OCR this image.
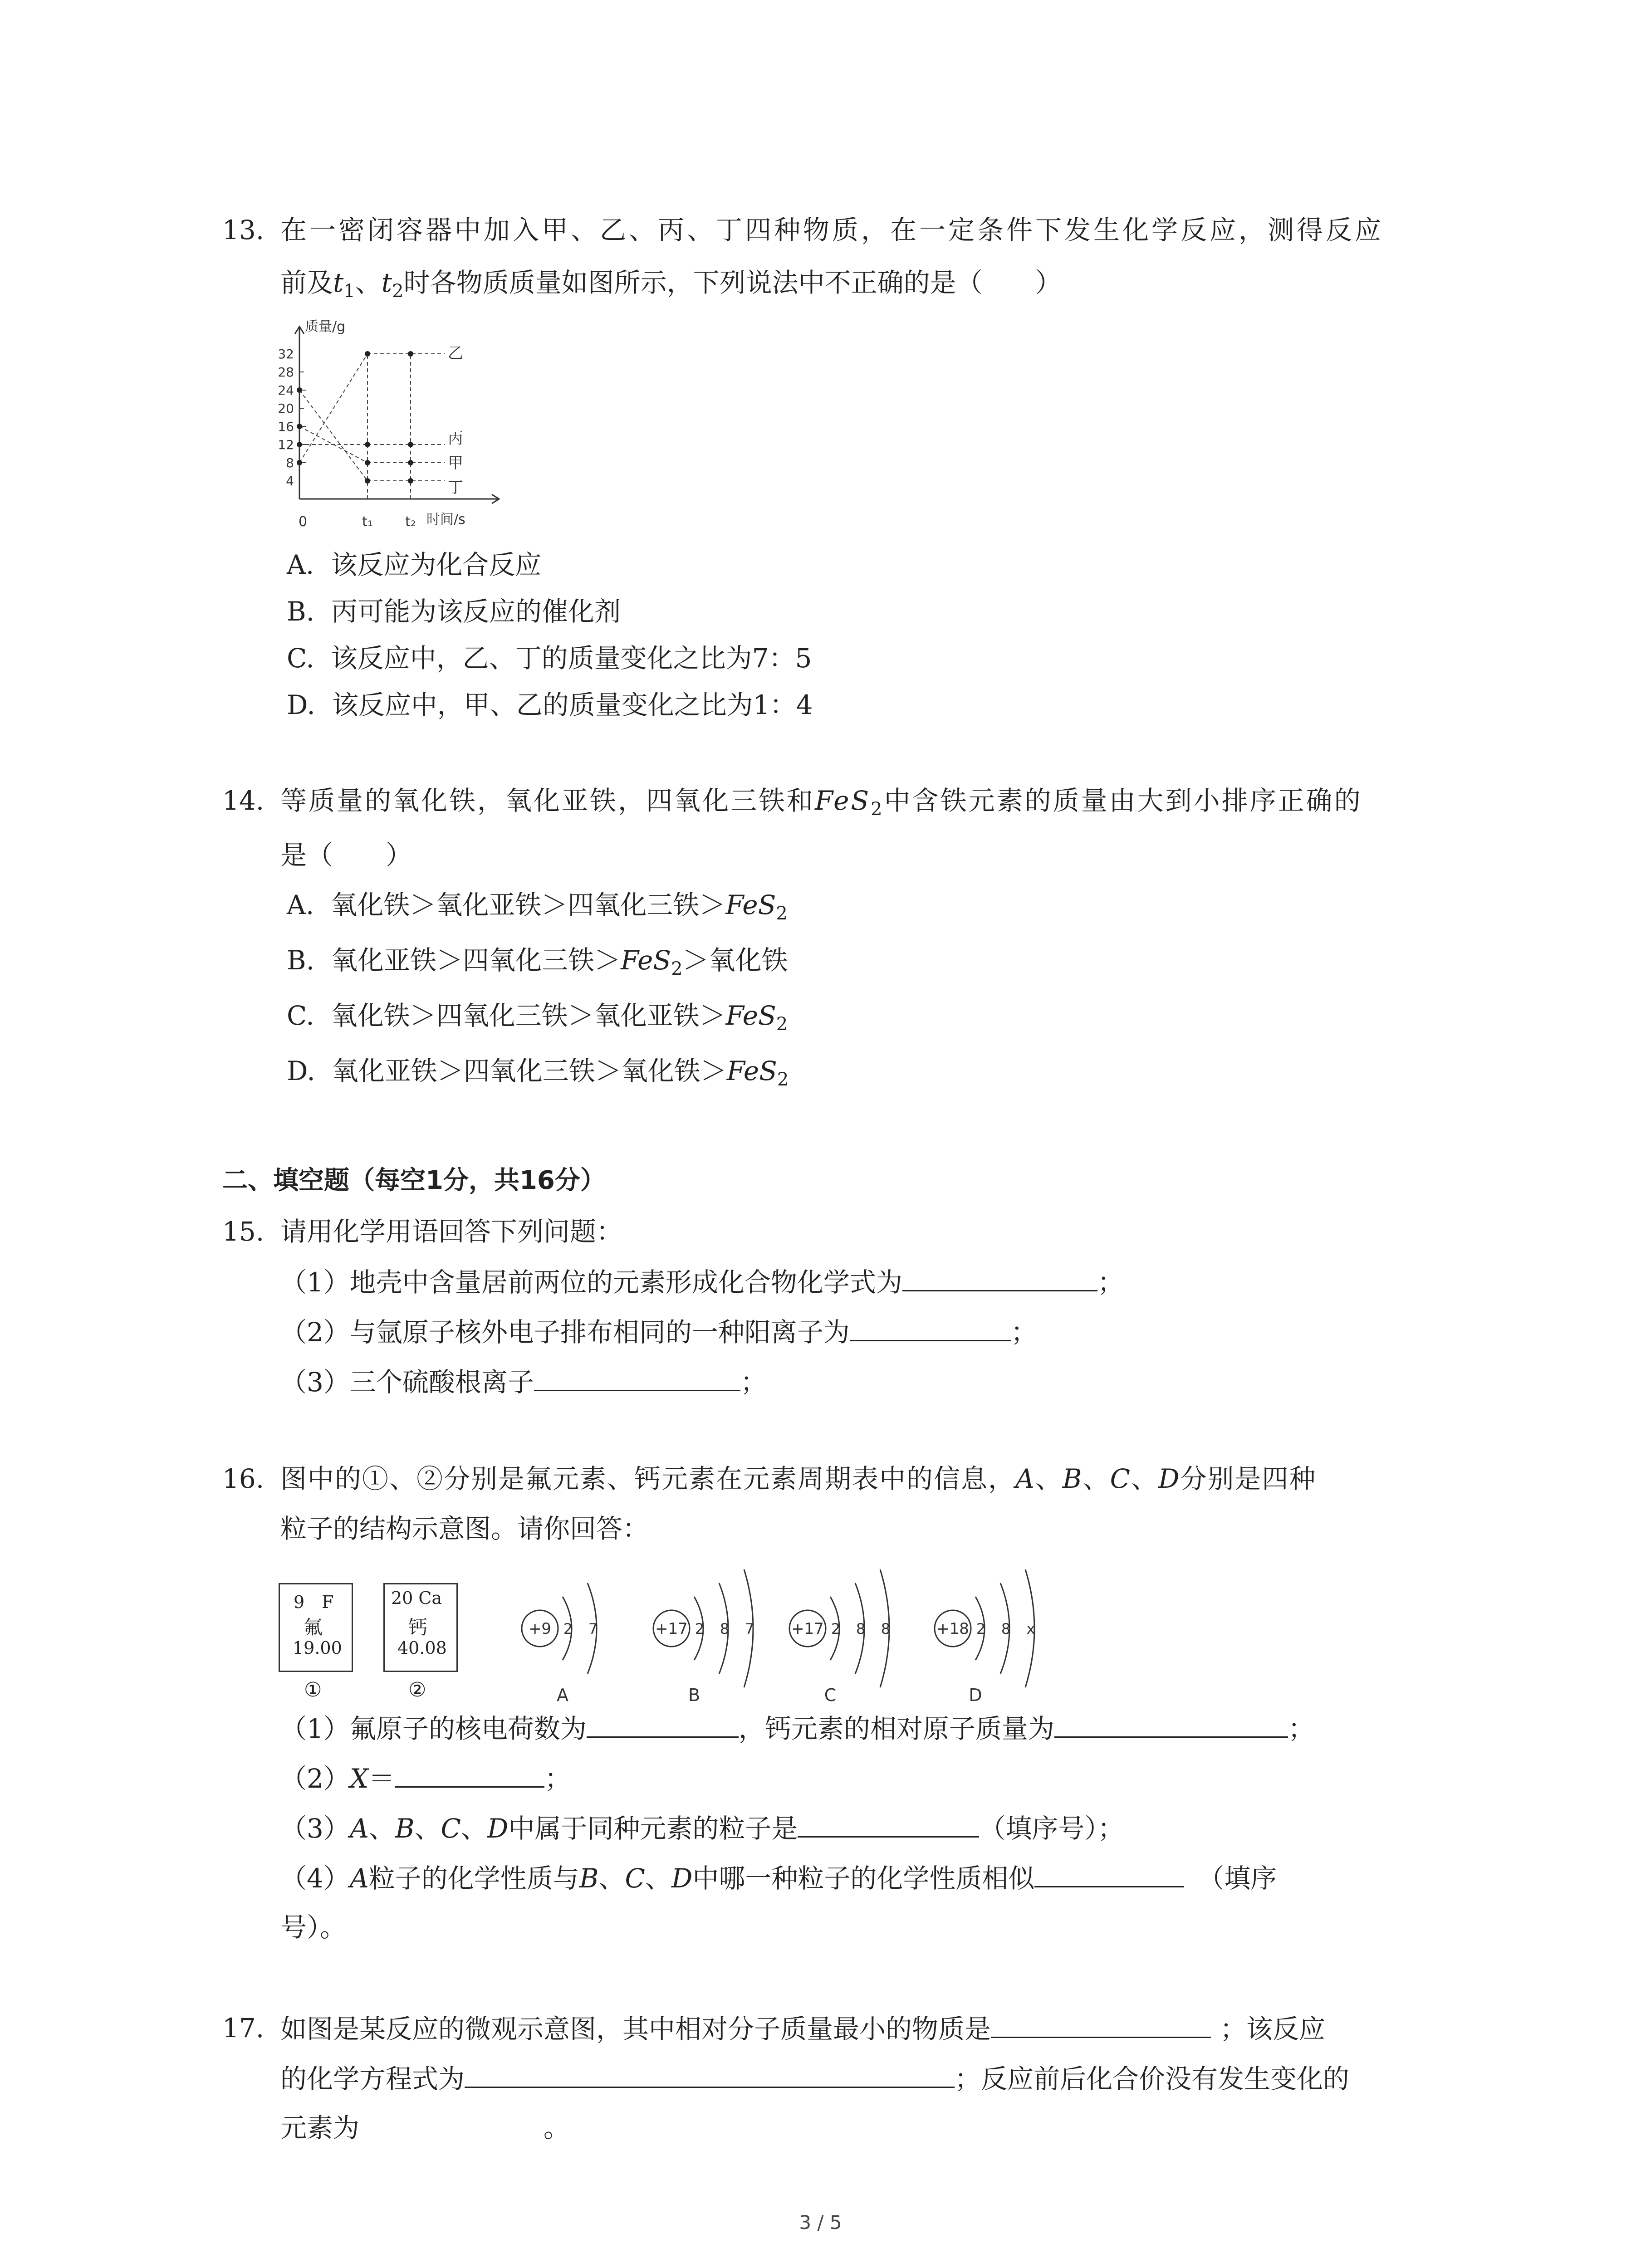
13. 在一密闭容器中加入甲、乙、丙、丁四种物质，在一定条件下发生化学反应，测得反应
前及$t_1$、$t_2$时各物质质量如图所示，下列说法中不正确的是（　　）
质量/g
时间/s
0
4
8
12
16
20
24
28
32
t₁ t₂
乙
丙
甲
丁
A. 该反应为化合反应
B. 丙可能为该反应的催化剂
C. 该反应中，乙、丁的质量变化之比为7：5
D. 该反应中，甲、乙的质量变化之比为1：4
14. 等质量的氧化铁，氧化亚铁，四氧化三铁和FeS$_2$中含铁元素的质量由大到小排序正确的
是（　　）
A. 氧化铁＞氧化亚铁＞四氧化三铁＞FeS$_2$
B. 氧化亚铁＞四氧化三铁＞FeS$_2$＞氧化铁
C. 氧化铁＞四氧化三铁＞氧化亚铁＞FeS$_2$
D. 氧化亚铁＞四氧化三铁＞氧化铁＞FeS$_2$
二、填空题（每空1分，共16分）
15. 请用化学用语回答下列问题：
（1）地壳中含量居前两位的元素形成化合物化学式为	；
（2）与氩原子核外电子排布相同的一种阳离子为	；
（3）三个硫酸根离子	；
16. 图中的①、②分别是氟元素、钙元素在元素周期表中的信息，A、B、C、D分别是四种
粒子的结构示意图。请你回答：
9　F
氟
19.00
①
20 Ca
钙
40.08
②
+9 2 7
A
+17 2 8 7
B
+17 2 8 8
C
+18 2 8 x
D
（1）氟原子的核电荷数为	，钙元素的相对原子质量为	；
（2）X＝	；
（3）A、B、C、D中属于同种元素的粒子是	（填序号）；
（4）A粒子的化学性质与B、C、D中哪一种粒子的化学性质相似	（填序
号）。
17. 如图是某反应的微观示意图，其中相对分子质量最小的物质是	；该反应
的化学方程式为	；反应前后化合价没有发生变化的
元素为　　　　　　　。
3 / 5
